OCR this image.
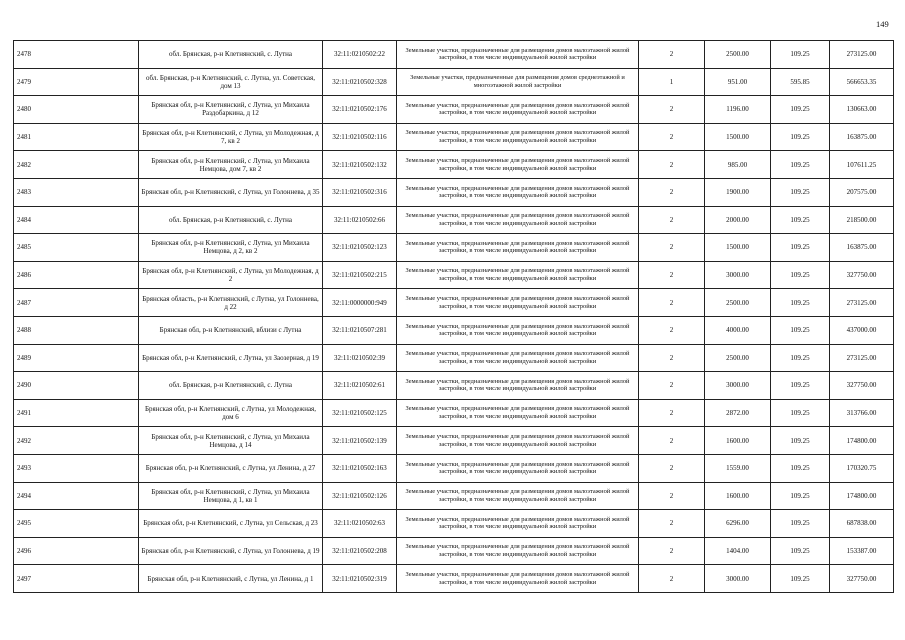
149
2478	обл. Брянская, р-н Клетнянский, с. Лутна	32:11:0210502:22	Земельные участки, предназначенные для размещения домов малоэтажной жилой застройки, в том числе индивидуальной жилой застройки	2	2500.00	109.25	273125.00
2479	обл. Брянская, р-н Клетнянский, с. Лутна, ул. Советская, дом 13	32:11:0210502:328	Земельные участки, предназначенные для размещения домов среднеэтажной и многоэтажной жилой застройки	1	951.00	595.85	566653.35
2480	Брянская обл, р-н Клетнянский, с Лутна, ул Михаила Раздобаркина, д 12	32:11:0210502:176	Земельные участки, предназначенные для размещения домов малоэтажной жилой застройки, в том числе индивидуальной жилой застройки	2	1196.00	109.25	130663.00
2481	Брянская обл, р-н Клетнянский, с Лутна, ул Молодежная, д 7, кв 2	32:11:0210502:116	Земельные участки, предназначенные для размещения домов малоэтажной жилой застройки, в том числе индивидуальной жилой застройки	2	1500.00	109.25	163875.00
2482	Брянская обл, р-н Клетнянский, с Лутна, ул Михаила Немцова, дом 7, кв 2	32:11:0210502:132	Земельные участки, предназначенные для размещения домов малоэтажной жилой застройки, в том числе индивидуальной жилой застройки	2	985.00	109.25	107611.25
2483	Брянская обл, р-н Клетнянский, с Лутна, ул Голоннева, д 35	32:11:0210502:316	Земельные участки, предназначенные для размещения домов малоэтажной жилой застройки, в том числе индивидуальной жилой застройки	2	1900.00	109.25	207575.00
2484	обл. Брянская, р-н Клетнянский, с. Лутна	32:11:0210502:66	Земельные участки, предназначенные для размещения домов малоэтажной жилой застройки, в том числе индивидуальной жилой застройки	2	2000.00	109.25	218500.00
2485	Брянская обл, р-н Клетнянский, с Лутна, ул Михаила Немцова, д 2, кв 2	32:11:0210502:123	Земельные участки, предназначенные для размещения домов малоэтажной жилой застройки, в том числе индивидуальной жилой застройки	2	1500.00	109.25	163875.00
2486	Брянская обл, р-н Клетнянский, с Лутна, ул Молодежная, д 2	32:11:0210502:215	Земельные участки, предназначенные для размещения домов малоэтажной жилой застройки, в том числе индивидуальной жилой застройки	2	3000.00	109.25	327750.00
2487	Брянская область, р-н Клетнянский, с Лутна, ул Голоннева, д 22	32:11:0000000:949	Земельные участки, предназначенные для размещения домов малоэтажной жилой застройки, в том числе индивидуальной жилой застройки	2	2500.00	109.25	273125.00
2488	Брянская обл, р-н Клетнянский, вблизи с Лутна	32:11:0210507:281	Земельные участки, предназначенные для размещения домов малоэтажной жилой застройки, в том числе индивидуальной жилой застройки	2	4000.00	109.25	437000.00
2489	Брянская обл, р-н Клетнянский, с Лутна, ул Заозерная, д 19	32:11:0210502:39	Земельные участки, предназначенные для размещения домов малоэтажной жилой застройки, в том числе индивидуальной жилой застройки	2	2500.00	109.25	273125.00
2490	обл. Брянская, р-н Клетнянский, с. Лутна	32:11:0210502:61	Земельные участки, предназначенные для размещения домов малоэтажной жилой застройки, в том числе индивидуальной жилой застройки	2	3000.00	109.25	327750.00
2491	Брянская обл, р-н Клетнянский, с Лутна, ул Молодежная, дом 6	32:11:0210502:125	Земельные участки, предназначенные для размещения домов малоэтажной жилой застройки, в том числе индивидуальной жилой застройки	2	2872.00	109.25	313766.00
2492	Брянская обл, р-н Клетнянский, с Лутна, ул Михаила Немцова, д 14	32:11:0210502:139	Земельные участки, предназначенные для размещения домов малоэтажной жилой застройки, в том числе индивидуальной жилой застройки	2	1600.00	109.25	174800.00
2493	Брянская обл, р-н Клетнянский, с Лутна, ул Ленина, д 27	32:11:0210502:163	Земельные участки, предназначенные для размещения домов малоэтажной жилой застройки, в том числе индивидуальной жилой застройки	2	1559.00	109.25	170320.75
2494	Брянская обл, р-н Клетнянский, с Лутна, ул Михаила Немцова, д 1, кв 1	32:11:0210502:126	Земельные участки, предназначенные для размещения домов малоэтажной жилой застройки, в том числе индивидуальной жилой застройки	2	1600.00	109.25	174800.00
2495	Брянская обл, р-н Клетнянский, с Лутна, ул Сельская, д 23	32:11:0210502:63	Земельные участки, предназначенные для размещения домов малоэтажной жилой застройки, в том числе индивидуальной жилой застройки	2	6296.00	109.25	687838.00
2496	Брянская обл, р-н Клетнянский, с Лутна, ул Голоннева, д 19	32:11:0210502:208	Земельные участки, предназначенные для размещения домов малоэтажной жилой застройки, в том числе индивидуальной жилой застройки	2	1404.00	109.25	153387.00
2497	Брянская обл, р-н Клетнянский, с Лутна, ул Ленина, д 1	32:11:0210502:319	Земельные участки, предназначенные для размещения домов малоэтажной жилой застройки, в том числе индивидуальной жилой застройки	2	3000.00	109.25	327750.00
